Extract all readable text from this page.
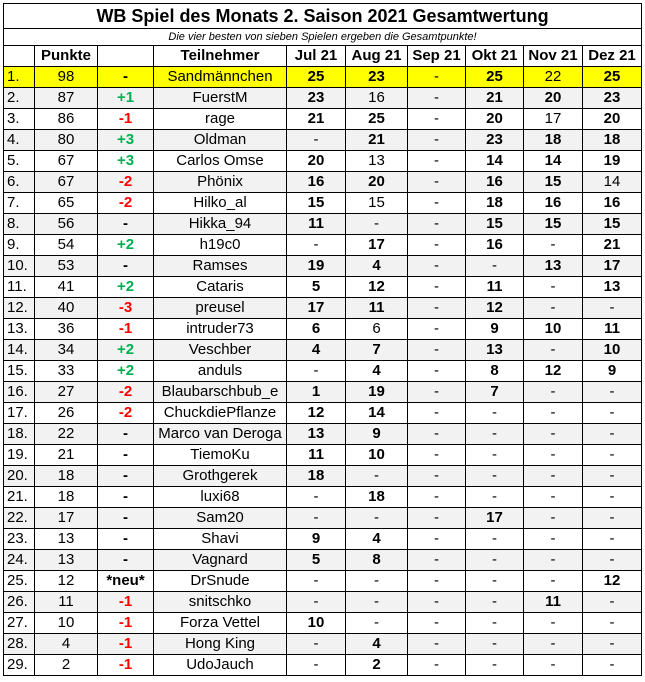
WB Spiel des Monats 2. Saison 2021 Gesamtwertung									
Die vier besten von sieben Spielen ergeben die Gesamtpunkte!									
	Punkte		Teilnehmer	Jul 21	Aug 21	Sep 21	Okt 21	Nov 21	Dez 21
1.	98	-	Sandmännchen	25	23	-	25	22	25
2.	87	+1	FuerstM	23	16	-	21	20	23
3.	86	-1	rage	21	25	-	20	17	20
4.	80	+3	Oldman	-	21	-	23	18	18
5.	67	+3	Carlos Omse	20	13	-	14	14	19
6.	67	-2	Phönix	16	20	-	16	15	14
7.	65	-2	Hilko_al	15	15	-	18	16	16
8.	56	-	Hikka_94	11	-	-	15	15	15
9.	54	+2	h19c0	-	17	-	16	-	21
10.	53	-	Ramses	19	4	-	-	13	17
11.	41	+2	Cataris	5	12	-	11	-	13
12.	40	-3	preusel	17	11	-	12	-	-
13.	36	-1	intruder73	6	6	-	9	10	11
14.	34	+2	Veschber	4	7	-	13	-	10
15.	33	+2	anduls	-	4	-	8	12	9
16.	27	-2	Blaubarschbub_e	1	19	-	7	-	-
17.	26	-2	ChuckdiePflanze	12	14	-	-	-	-
18.	22	-	Marco van Deroga	13	9	-	-	-	-
19.	21	-	TiemoKu	11	10	-	-	-	-
20.	18	-	Grothgerek	18	-	-	-	-	-
21.	18	-	luxi68	-	18	-	-	-	-
22.	17	-	Sam20	-	-	-	17	-	-
23.	13	-	Shavi	9	4	-	-	-	-
24.	13	-	Vagnard	5	8	-	-	-	-
25.	12	*neu*	DrSnude	-	-	-	-	-	12
26.	11	-1	snitschko	-	-	-	-	11	-
27.	10	-1	Forza Vettel	10	-	-	-	-	-
28.	4	-1	Hong King	-	4	-	-	-	-
29.	2	-1	UdoJauch	-	2	-	-	-	-
